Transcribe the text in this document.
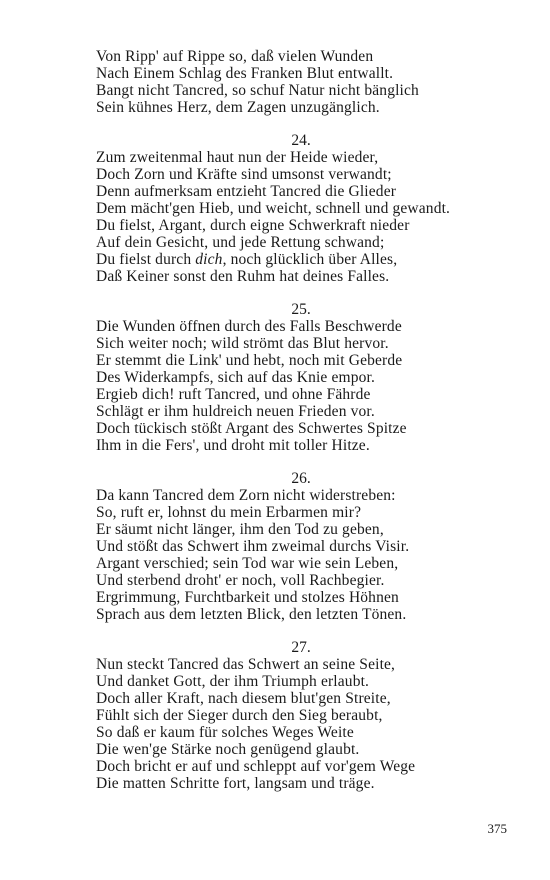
Von Ripp' auf Rippe so, daß vielen Wunden
Nach Einem Schlag des Franken Blut entwallt.
Bangt nicht Tancred, so schuf Natur nicht bänglich
Sein kühnes Herz, dem Zagen unzugänglich.
24.
Zum zweitenmal haut nun der Heide wieder,
Doch Zorn und Kräfte sind umsonst verwandt;
Denn aufmerksam entzieht Tancred die Glieder
Dem mächt'gen Hieb, und weicht, schnell und gewandt.
Du fielst, Argant, durch eigne Schwerkraft nieder
Auf dein Gesicht, und jede Rettung schwand;
Du fielst durch dich, noch glücklich über Alles,
Daß Keiner sonst den Ruhm hat deines Falles.
25.
Die Wunden öffnen durch des Falls Beschwerde
Sich weiter noch; wild strömt das Blut hervor.
Er stemmt die Link' und hebt, noch mit Geberde
Des Widerkampfs, sich auf das Knie empor.
Ergieb dich! ruft Tancred, und ohne Fährde
Schlägt er ihm huldreich neuen Frieden vor.
Doch tückisch stößt Argant des Schwertes Spitze
Ihm in die Fers', und droht mit toller Hitze.
26.
Da kann Tancred dem Zorn nicht widerstreben:
So, ruft er, lohnst du mein Erbarmen mir?
Er säumt nicht länger, ihm den Tod zu geben,
Und stößt das Schwert ihm zweimal durchs Visir.
Argant verschied; sein Tod war wie sein Leben,
Und sterbend droht' er noch, voll Rachbegier.
Ergrimmung, Furchtbarkeit und stolzes Höhnen
Sprach aus dem letzten Blick, den letzten Tönen.
27.
Nun steckt Tancred das Schwert an seine Seite,
Und danket Gott, der ihm Triumph erlaubt.
Doch aller Kraft, nach diesem blut'gen Streite,
Fühlt sich der Sieger durch den Sieg beraubt,
So daß er kaum für solches Weges Weite
Die wen'ge Stärke noch genügend glaubt.
Doch bricht er auf und schleppt auf vor'gem Wege
Die matten Schritte fort, langsam und träge.
375
